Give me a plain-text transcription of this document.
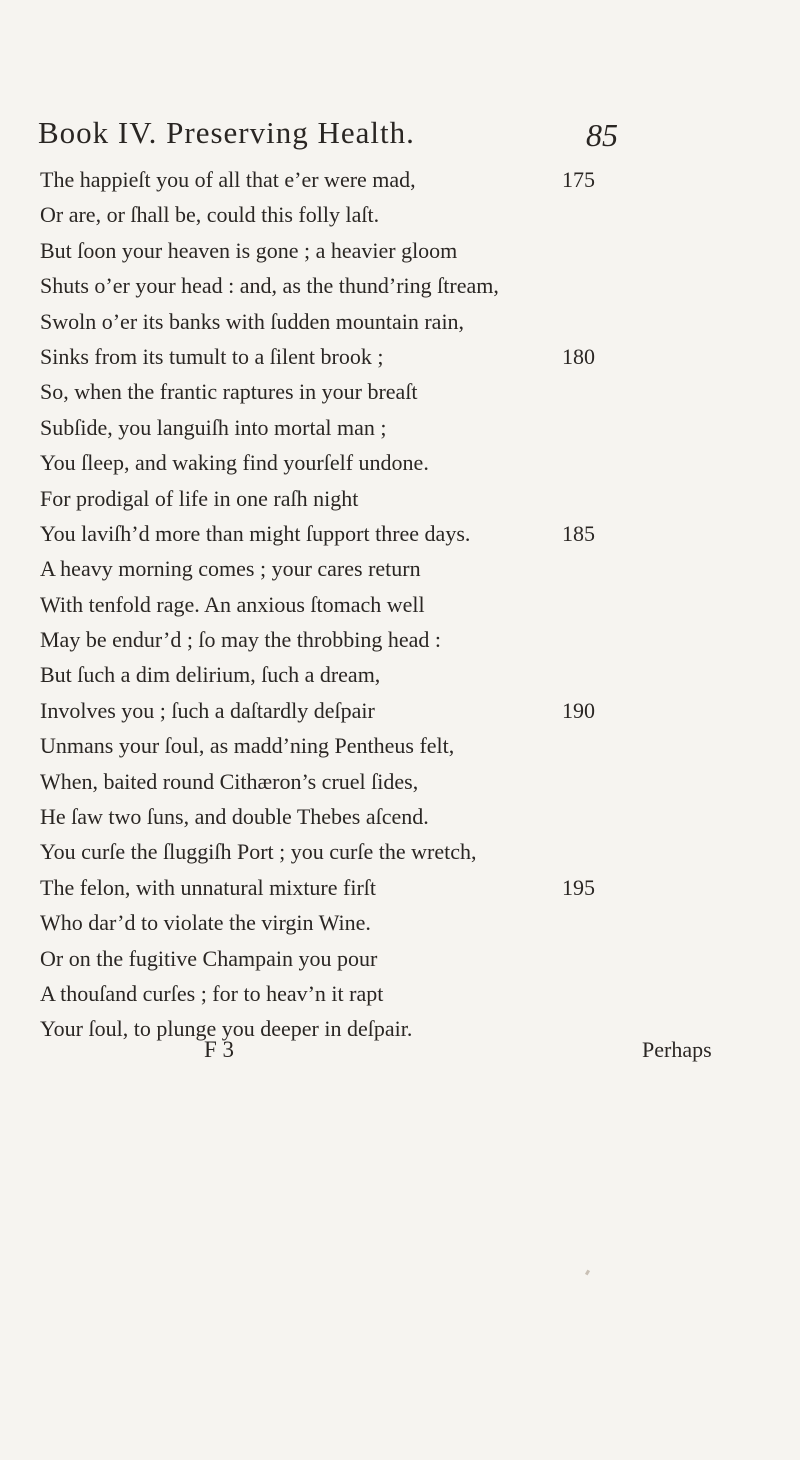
Book IV. Preserving Health.	85
The happieſt you of all that e’er were mad,	175
Or are, or ſhall be, could this folly laſt.
But ſoon your heaven is gone ; a heavier gloom
Shuts o’er your head : and, as the thund’ring ſtream,
Swoln o’er its banks with ſudden mountain rain,
Sinks from its tumult to a ſilent brook ;	180
So, when the frantic raptures in your breaſt
Subſide, you languiſh into mortal man ;
You ſleep, and waking find yourſelf undone.
For prodigal of life in one raſh night
You laviſh’d more than might ſupport three days.	185
A heavy morning comes ; your cares return
With tenfold rage. An anxious ſtomach well
May be endur’d ; ſo may the throbbing head :
But ſuch a dim delirium, ſuch a dream,
Involves you ; ſuch a daſtardly deſpair	190
Unmans your ſoul, as madd’ning Pentheus felt,
When, baited round Cithæron’s cruel ſides,
He ſaw two ſuns, and double Thebes aſcend.
You curſe the ſluggiſh Port ; you curſe the wretch,
The felon, with unnatural mixture firſt	195
Who dar’d to violate the virgin Wine.
Or on the fugitive Champain you pour
A thouſand curſes ; for to heav’n it rapt
Your ſoul, to plunge you deeper in deſpair.
F 3	Perhaps
